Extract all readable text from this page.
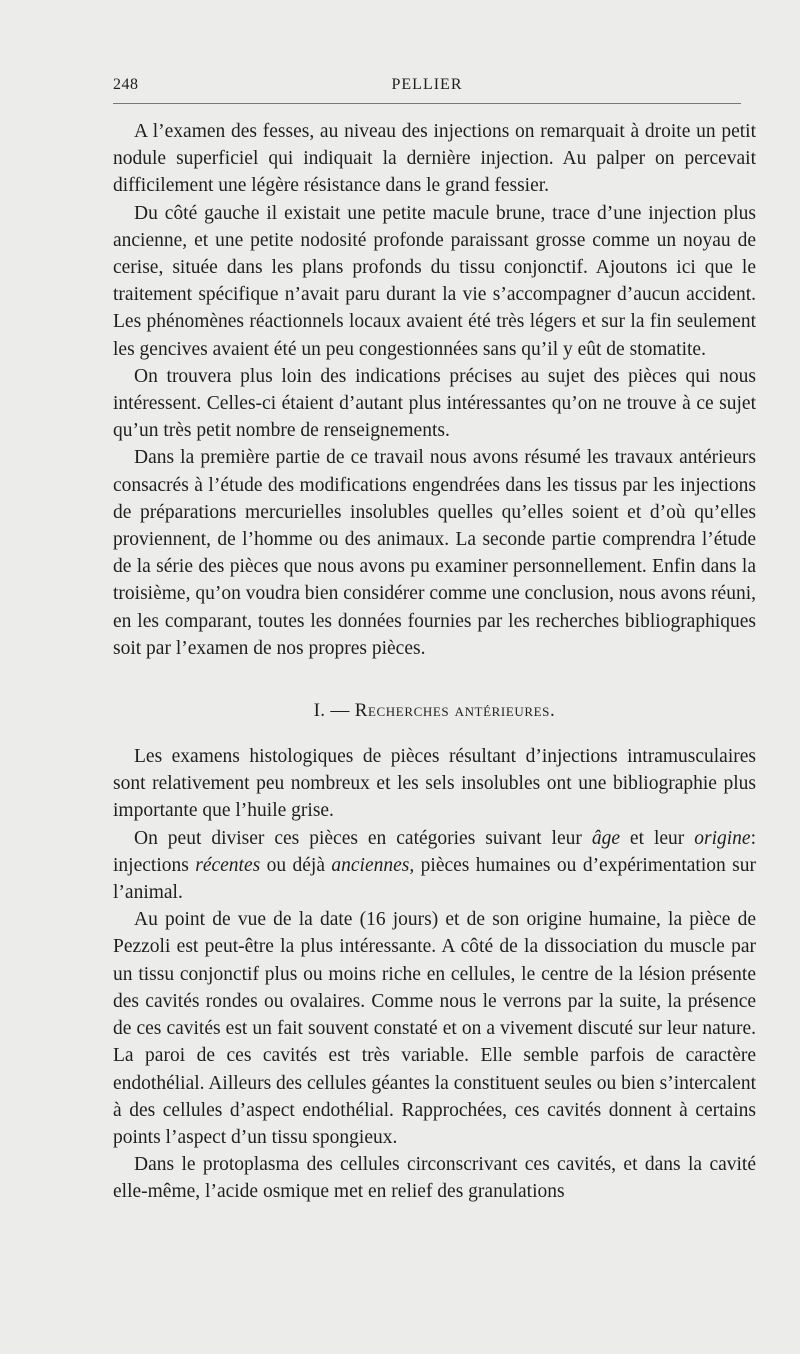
248	PELLIER

A l’examen des fesses, au niveau des injections on remarquait à droite un petit nodule superficiel qui indiquait la dernière injection. Au palper on percevait difficilement une légère résistance dans le grand fessier.

Du côté gauche il existait une petite macule brune, trace d’une injection plus ancienne, et une petite nodosité profonde paraissant grosse comme un noyau de cerise, située dans les plans profonds du tissu conjonctif. Ajoutons ici que le traitement spécifique n’avait paru durant la vie s’accompagner d’aucun accident. Les phénomènes réactionnels locaux avaient été très légers et sur la fin seulement les gencives avaient été un peu congestionnées sans qu’il y eût de stomatite.

On trouvera plus loin des indications précises au sujet des pièces qui nous intéressent. Celles-ci étaient d’autant plus intéressantes qu’on ne trouve à ce sujet qu’un très petit nombre de renseignements.

Dans la première partie de ce travail nous avons résumé les travaux antérieurs consacrés à l’étude des modifications engendrées dans les tissus par les injections de préparations mercurielles insolubles quelles qu’elles soient et d’où qu’elles proviennent, de l’homme ou des animaux. La seconde partie comprendra l’étude de la série des pièces que nous avons pu examiner personnellement. Enfin dans la troisième, qu’on voudra bien considérer comme une conclusion, nous avons réuni, en les comparant, toutes les données fournies par les recherches bibliographiques soit par l’examen de nos propres pièces.

I. — Recherches antérieures.

Les examens histologiques de pièces résultant d’injections intramusculaires sont relativement peu nombreux et les sels insolubles ont une bibliographie plus importante que l’huile grise.

On peut diviser ces pièces en catégories suivant leur âge et leur origine: injections récentes ou déjà anciennes, pièces humaines ou d’expérimentation sur l’animal.

Au point de vue de la date (16 jours) et de son origine humaine, la pièce de Pezzoli est peut-être la plus intéressante. A côté de la dissociation du muscle par un tissu conjonctif plus ou moins riche en cellules, le centre de la lésion présente des cavités rondes ou ovalaires. Comme nous le verrons par la suite, la présence de ces cavités est un fait souvent constaté et on a vivement discuté sur leur nature. La paroi de ces cavités est très variable. Elle semble parfois de caractère endothélial. Ailleurs des cellules géantes la constituent seules ou bien s’intercalent à des cellules d’aspect endothélial. Rapprochées, ces cavités donnent à certains points l’aspect d’un tissu spongieux.

Dans le protoplasma des cellules circonscrivant ces cavités, et dans la cavité elle-même, l’acide osmique met en relief des granulations
